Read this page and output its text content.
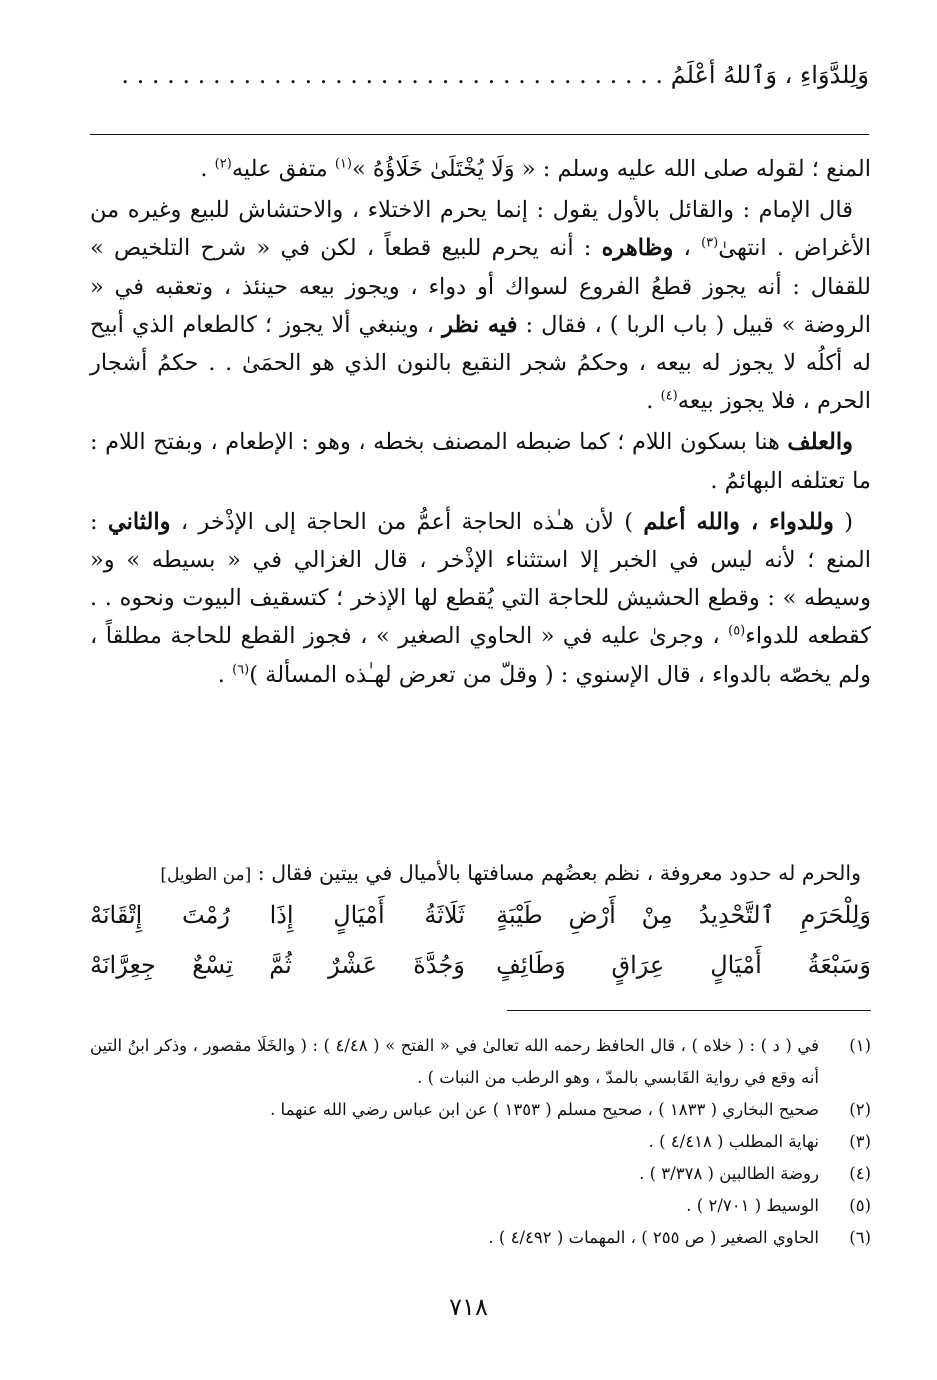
وَلِلدَّوَاءِ ، وَٱللهُ أَعْلَمُ . . . . . . . . . . . . . . . . . . . . . . . . . . . . . . . . . . . .

المنع ؛ لقوله صلى الله عليه وسلم : « وَلَا يُخْتَلَىٰ خَلَاؤُهُ »$^{(١)}$ متفق عليه$^{(٢)}$ .

قال الإمام : والقائل بالأول يقول : إنما يحرم الاختلاء ، والاحتشاش للبيع وغيره من الأغراض . انتهىٰ$^{(٣)}$ ، وظاهره : أنه يحرم للبيع قطعاً ، لكن في « شرح التلخيص » للقفال : أنه يجوز قطعُ الفروع لسواك أو دواء ، ويجوز بيعه حينئذ ، وتعقبه في « الروضة » قبيل ( باب الربا ) ، فقال : فيه نظر ، وينبغي ألا يجوز ؛ كالطعام الذي أبيح له أكلُه لا يجوز له بيعه ، وحكمُ شجر النقيع بالنون الذي هو الحمَىٰ . . حكمُ أشجار الحرم ، فلا يجوز بيعه$^{(٤)}$ .

والعلف هنا بسكون اللام ؛ كما ضبطه المصنف بخطه ، وهو : الإطعام ، وبفتح اللام : ما تعتلفه البهائمُ .

( وللدواء ، والله أعلم ) لأن هـٰذه الحاجة أعمُّ من الحاجة إلى الإذْخر ، والثاني : المنع ؛ لأنه ليس في الخبر إلا استثناء الإذْخر ، قال الغزالي في « بسيطه » و« وسيطه » : وقطع الحشيش للحاجة التي يُقطع لها الإذخر ؛ كتسقيف البيوت ونحوه . . كقطعه للدواء$^{(٥)}$ ، وجرىٰ عليه في « الحاوي الصغير » ، فجوز القطع للحاجة مطلقاً ، ولم يخصّه بالدواء ، قال الإسنوي : ( وقلّ من تعرض لهـٰذه المسألة )$^{(٦)}$ .

والحرم له حدود معروفة ، نظم بعضُهم مسافتها بالأميال في بيتين فقال : [من الطويل]
وَلِلْحَرَمِ ٱلتَّحْدِيدُ مِنْ أَرْضِ طَيْبَةٍ
ثَلَاثَةُ أَمْيَالٍ إِذَا رُمْتَ إِتْقَانَهْ
وَسَبْعَةُ أَمْيَالٍ عِرَاقٍ وَطَائِفٍ
وَجُدَّةَ عَشْرٌ ثُمَّ تِسْعٌ جِعِرَّانَهْ
(١)
في ( د ) : ( خلاه ) ، قال الحافظ رحمه الله تعالىٰ في « الفتح » ( ٤/٤٨ ) : ( والخَلَا مقصور ، وذكر ابنُ التين أنه وقع في رواية القَابسي بالمدّ ، وهو الرطب من النبات ) .
(٢)
صحيح البخاري ( ١٨٣٣ ) ، صحيح مسلم ( ١٣٥٣ ) عن ابن عباس رضي الله عنهما .
(٣)
نهاية المطلب ( ٤/٤١٨ ) .
(٤)
روضة الطالبين ( ٣/٣٧٨ ) .
(٥)
الوسيط ( ٢/٧٠١ ) .
(٦)
الحاوي الصغير ( ص ٢٥٥ ) ، المهمات ( ٤/٤٩٢ ) .
٧١٨
